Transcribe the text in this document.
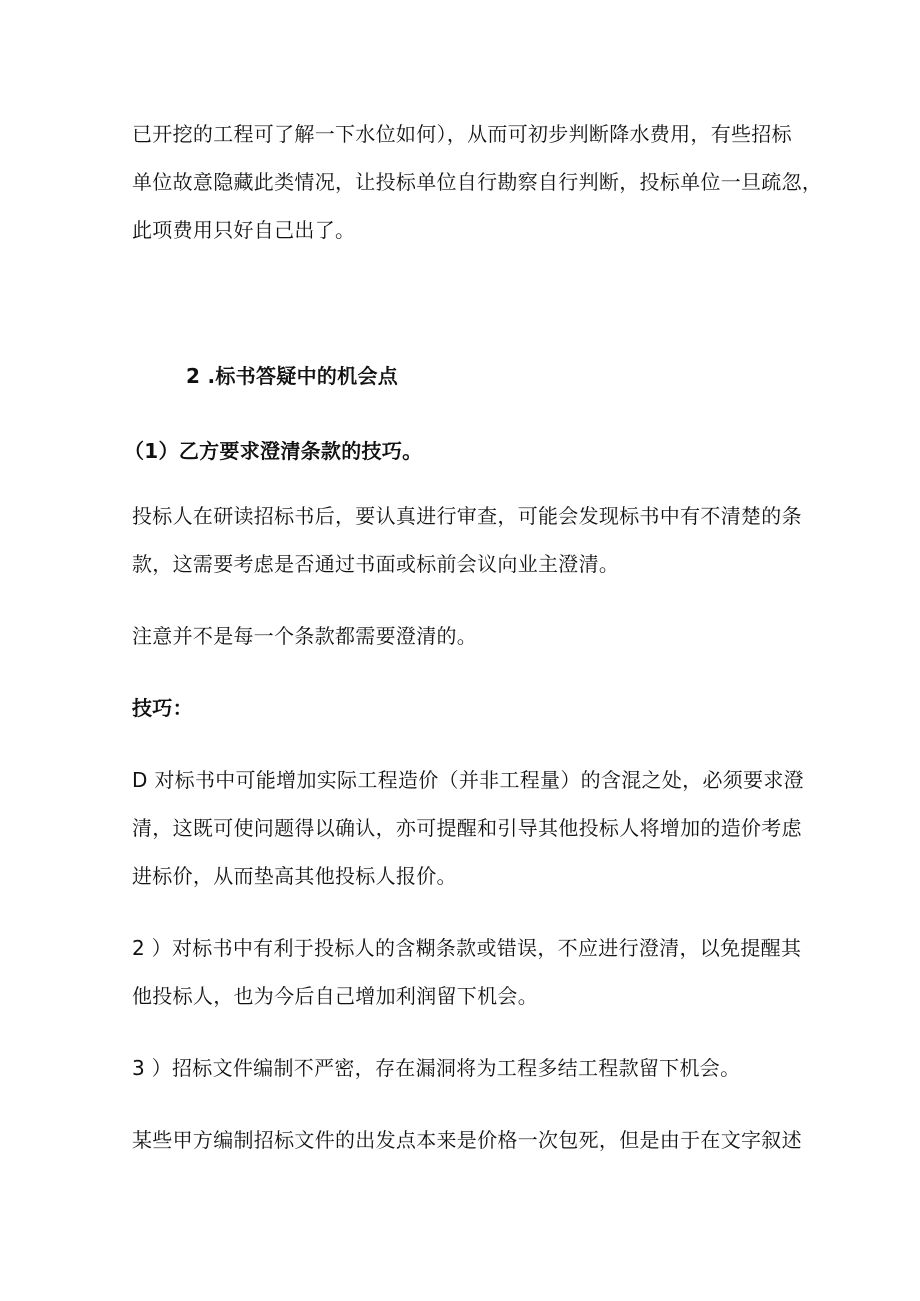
已开挖的工程可了解一下水位如何），从而可初步判断降水费用，有些招标
单位故意隐藏此类情况，让投标单位自行勘察自行判断，投标单位一旦疏忽，
此项费用只好自己出了。
2 .标书答疑中的机会点
（1）乙方要求澄清条款的技巧。
投标人在研读招标书后，要认真进行审查，可能会发现标书中有不清楚的条
款，这需要考虑是否通过书面或标前会议向业主澄清。
注意并不是每一个条款都需要澄清的。
技巧：
D 对标书中可能增加实际工程造价（并非工程量）的含混之处，必须要求澄
清，这既可使问题得以确认，亦可提醒和引导其他投标人将增加的造价考虑
进标价，从而垫高其他投标人报价。
2 ）对标书中有利于投标人的含糊条款或错误，不应进行澄清，以免提醒其
他投标人，也为今后自己增加利润留下机会。
3 ）招标文件编制不严密，存在漏洞将为工程多结工程款留下机会。
某些甲方编制招标文件的出发点本来是价格一次包死，但是由于在文字叙述
